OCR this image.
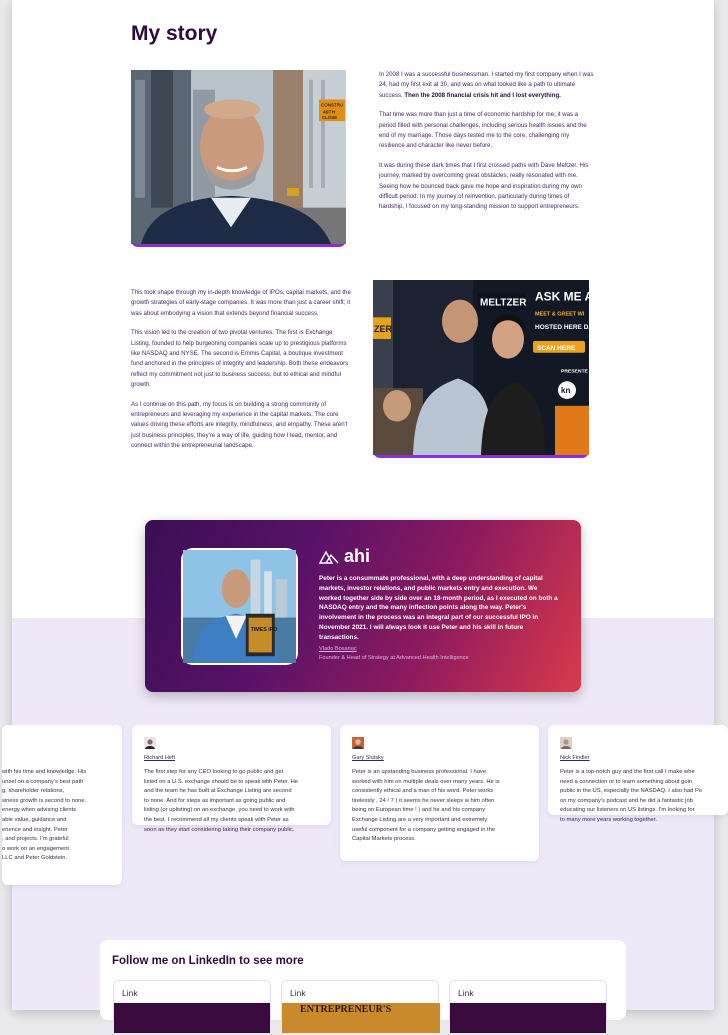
My story
CONSTRU
49TH
CLOSE

In 2008 I was a successful businessman. I started my first company when I was 24, had my first exit at 30, and was on what looked like a path to ultimate success. Then the 2008 financial crisis hit and I lost everything.

That time was more than just a time of economic hardship for me; it was a period filled with personal challenges, including serious health issues and the end of my marriage. Those days tested me to the core, challenging my resilience and character like never before.

It was during these dark times that I first crossed paths with Dave Meltzer. His journey, marked by overcoming great obstacles, really resonated with me. Seeing how he bounced back gave me hope and inspiration during my own difficult period. In my journey of reinvention, particularly during times of hardship, I focused on my long-standing mission to support entrepreneurs.

This took shape through my in-depth knowledge of IPOs, capital markets, and the growth strategies of early-stage companies. It was more than just a career shift; it was about embodying a vision that extends beyond financial success.

This vision led to the creation of two pivotal ventures. The first is Exchange Listing, founded to help burgeoning companies scale up to prestigious platforms like NASDAQ and NYSE. The second is Emmis Capital, a boutique investment fund anchored in the principles of integrity and leadership. Both these endeavors reflect my commitment not just to business success, but to ethical and mindful growth.

As I continue on this path, my focus is on building a strong community of entrepreneurs and leveraging my experience in the capital markets. The core values driving these efforts are integrity, mindfulness, and empathy. These aren't just business principles; they're a way of life, guiding how I lead, mentor, and connect within the entrepreneurial landscape.

ZER
MELTZER ASK ME A
MEET & GREET WI
HOSTED HERE DA
SCAN HERE
PRESENTE
kn
TIMES IPO
ahi
Peter is a consummate professional, with a deep understanding of capital markets, investor relations, and public markets entry and execution. We worked together side by side over an 18-month period, as I executed on both a NASDAQ entry and the many inflection points along the way. Peter's involvement in the process was an integral part of our successful IPO in November 2021. I will always look it use Peter and his skill in future transactions.
Vlado Bosanac
Founder & Head of Strategy at Advanced Health Intelligence
with his time and knowledge. His
unsel on a company's best path
g, shareholder relations,
siness growth is second to none.
energy when advising clients
able value, guidance and
erience and insight. Peter
, and projects. I'm grateful
o work on an engagement
LLC and Peter Goldstein.
Richard Heft
The first step for any CEO looking to go public and get
listed on a U.S. exchange should be to speak with Peter. He
and the team he has built at Exchange Listing are second
to none. And for steps as important as going public and
listing (or uplisting) on an exchange, you need to work with
the best. I recommend all my clients speak with Peter as
soon as they start considering taking their company public.
Gary Slutsky
Peter is an upstanding business professional. I have
worked with him on multiple deals over many years. He is
consistently ethical and a man of his word. Peter works
tirelessly , 24 / 7 ( it seems he never sleeps w him often
being on European time ! ) and he and his company
Exchange Listing are a very important and extremely
useful component for a company getting engaged in the
Capital Markets process.
Nick Findler
Peter is a top-notch guy and the first call I make whe
need a connection or to learn something about goin
public in the US, especially the NASDAQ. I also had Pe
on my company's podcast and he did a fantastic job
educating our listeners on US listings. I'm looking for
to many more years working together.
Follow me on LinkedIn to see more
Link	Link
ENTREPRENEUR'S
Link
